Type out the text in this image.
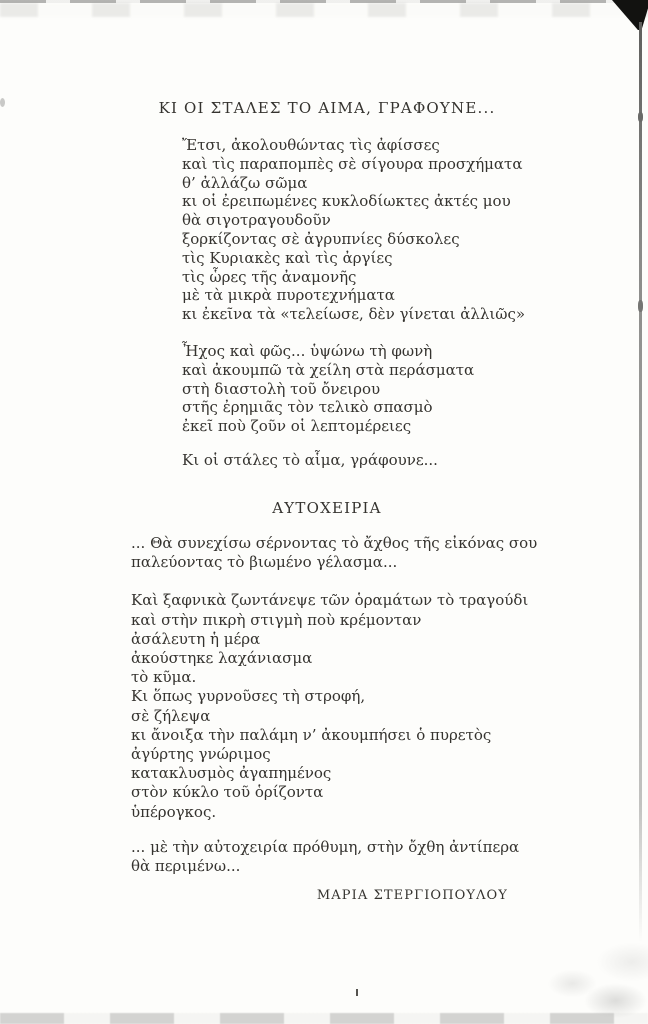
ΚΙ ΟΙ ΣΤΑΛΕΣ ΤΟ ΑΙΜΑ, ΓΡΑΦΟΥΝΕ...
Ἔτσι, ἀκολουθώντας τὶς ἀφίσσες
καὶ τὶς παραπομπὲς σὲ σίγουρα προσχήματα
θ’ ἀλλάζω σῶμα
κι οἱ ἐρειπωμένες κυκλοδίωκτες ἀκτές μου
θὰ σιγοτραγουδοῦν
ξορκίζοντας σὲ ἀγρυπνίες δύσκολες
τὶς Κυριακὲς καὶ τὶς ἀργίες
τὶς ὧρες τῆς ἀναμονῆς
μὲ τὰ μικρὰ πυροτεχνήματα
κι ἐκεῖνα τὰ «τελείωσε, δὲν γίνεται ἀλλιῶς»
Ἦχος καὶ φῶς... ὑψώνω τὴ φωνὴ
καὶ ἀκουμπῶ τὰ χείλη στὰ περάσματα
στὴ διαστολὴ τοῦ ὄνειρου
στῆς ἐρημιᾶς τὸν τελικὸ σπασμὸ
ἐκεῖ ποὺ ζοῦν οἱ λεπτομέρειες
Κι οἱ στάλες τὸ αἷμα, γράφουνε...
ΑΥΤΟΧΕΙΡΙΑ
... Θὰ συνεχίσω σέρνοντας τὸ ἄχθος τῆς εἰκόνας σου
παλεύοντας τὸ βιωμένο γέλασμα...
Καὶ ξαφνικὰ ζωντάνεψε τῶν ὁραμάτων τὸ τραγούδι
καὶ στὴν πικρὴ στιγμὴ ποὺ κρέμονταν
ἀσάλευτη ἡ μέρα
ἀκούστηκε λαχάνιασμα
τὸ κῦμα.
Κι ὅπως γυρνοῦσες τὴ στροφή,
σὲ ζήλεψα
κι ἄνοιξα τὴν παλάμη ν’ ἀκουμπήσει ὁ πυρετὸς
ἀγύρτης γνώριμος
κατακλυσμὸς ἀγαπημένος
στὸν κύκλο τοῦ ὁρίζοντα
ὑπέρογκος.
... μὲ τὴν αὐτοχειρία πρόθυμη, στὴν ὄχθη ἀντίπερα
θὰ περιμένω...
ΜΑΡΙΑ ΣΤΕΡΓΙΟΠΟΥΛΟΥ
